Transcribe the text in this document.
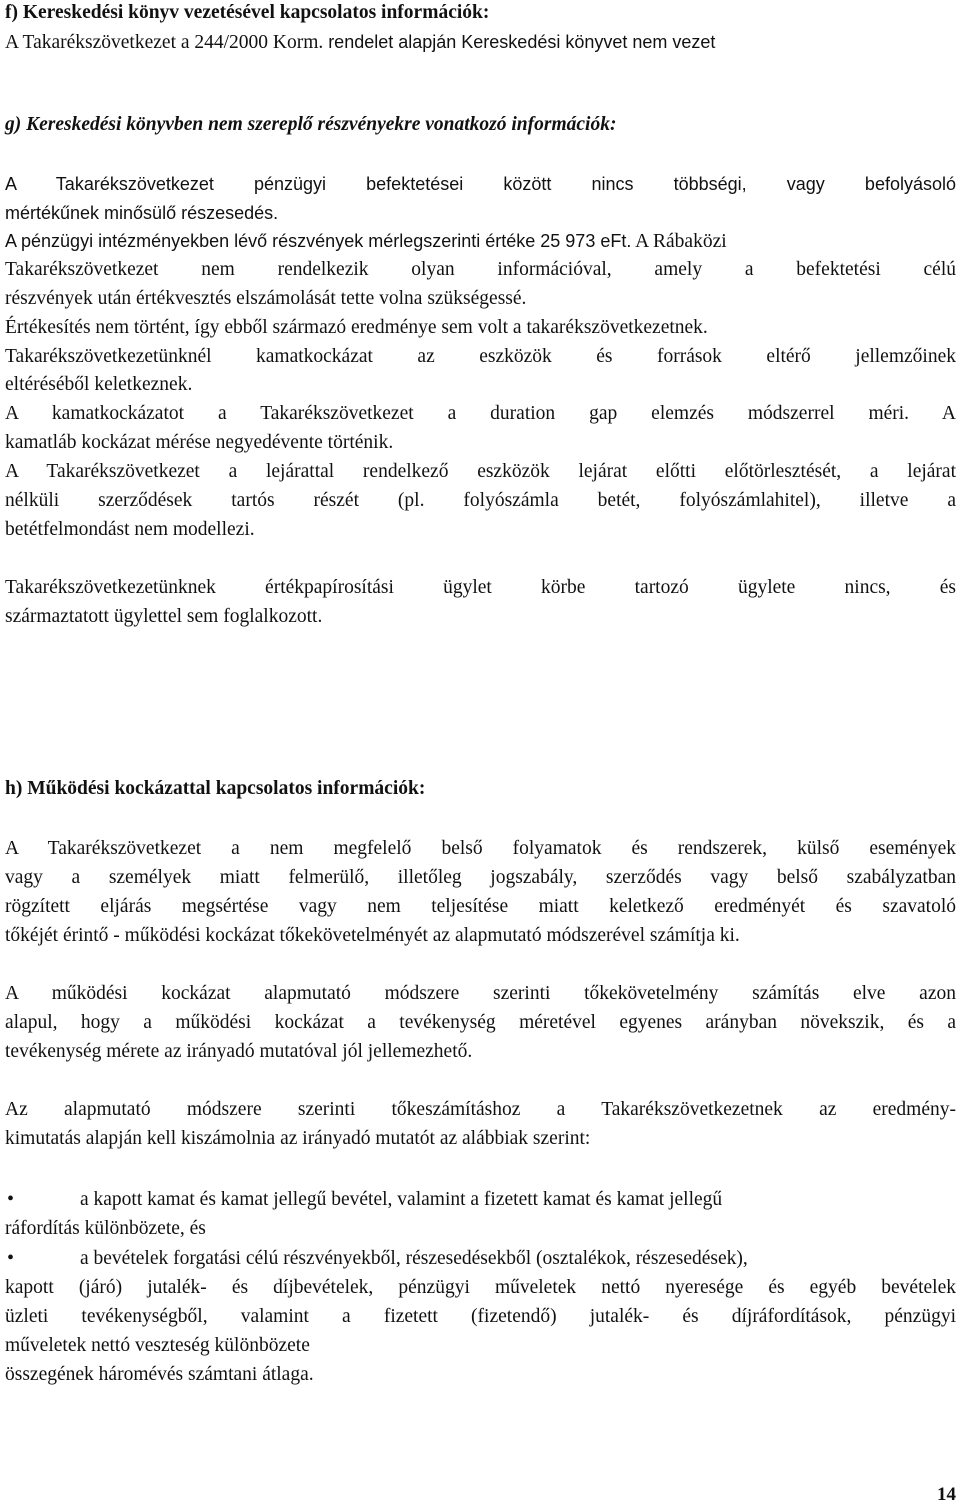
f) Kereskedési könyv vezetésével kapcsolatos információk:
A Takarékszövetkezet a 244/2000 Korm. rendelet alapján Kereskedési könyvet nem vezet
g) Kereskedési könyvben nem szereplő részvényekre vonatkozó információk:
A Takarékszövetkezet pénzügyi befektetései között nincs többségi, vagy befolyásoló
mértékűnek minősülő részesedés.
A pénzügyi intézményekben lévő részvények mérlegszerinti értéke 25 973 eFt. A Rábaközi
Takarékszövetkezet nem rendelkezik olyan információval, amely a befektetési célú
részvények után értékvesztés elszámolását tette volna szükségessé.
Értékesítés nem történt, így ebből származó eredménye sem volt a takarékszövetkezetnek.
Takarékszövetkezetünknél kamatkockázat az eszközök és források eltérő jellemzőinek
eltéréséből keletkeznek.
A kamatkockázatot a Takarékszövetkezet a duration gap elemzés módszerrel méri. A
kamatláb kockázat mérése negyedévente történik.
A Takarékszövetkezet a lejárattal rendelkező eszközök lejárat előtti előtörlesztését, a lejárat
nélküli szerződések tartós részét (pl. folyószámla betét, folyószámlahitel), illetve a
betétfelmondást nem modellezi.
Takarékszövetkezetünknek értékpapírosítási ügylet körbe tartozó ügylete nincs, és
származtatott ügylettel sem foglalkozott.
h) Működési kockázattal kapcsolatos információk:
A Takarékszövetkezet a nem megfelelő belső folyamatok és rendszerek, külső események
vagy a személyek miatt felmerülő, illetőleg jogszabály, szerződés vagy belső szabályzatban
rögzített eljárás megsértése vagy nem teljesítése miatt keletkező eredményét és szavatoló
tőkéjét érintő - működési kockázat tőkekövetelményét az alapmutató módszerével számítja ki.
A működési kockázat alapmutató módszere szerinti tőkekövetelmény számítás elve azon
alapul, hogy a működési kockázat a tevékenység méretével egyenes arányban növekszik, és a
tevékenység mérete az irányadó mutatóval jól jellemezhető.
Az alapmutató módszere szerinti tőkeszámításhoz a Takarékszövetkezetnek az eredmény-
kimutatás alapján kell kiszámolnia az irányadó mutatót az alábbiak szerint:
•	a kapott kamat és kamat jellegű bevétel, valamint a fizetett kamat és kamat jellegű
ráfordítás különbözete, és
•	a bevételek forgatási célú részvényekből, részesedésekből (osztalékok, részesedések),
kapott (járó) jutalék- és díjbevételek, pénzügyi műveletek nettó nyeresége és egyéb bevételek
üzleti tevékenységből, valamint a fizetett (fizetendő) jutalék- és díjráfordítások, pénzügyi
műveletek nettó veszteség különbözete
összegének háromévés számtani átlaga.
14
